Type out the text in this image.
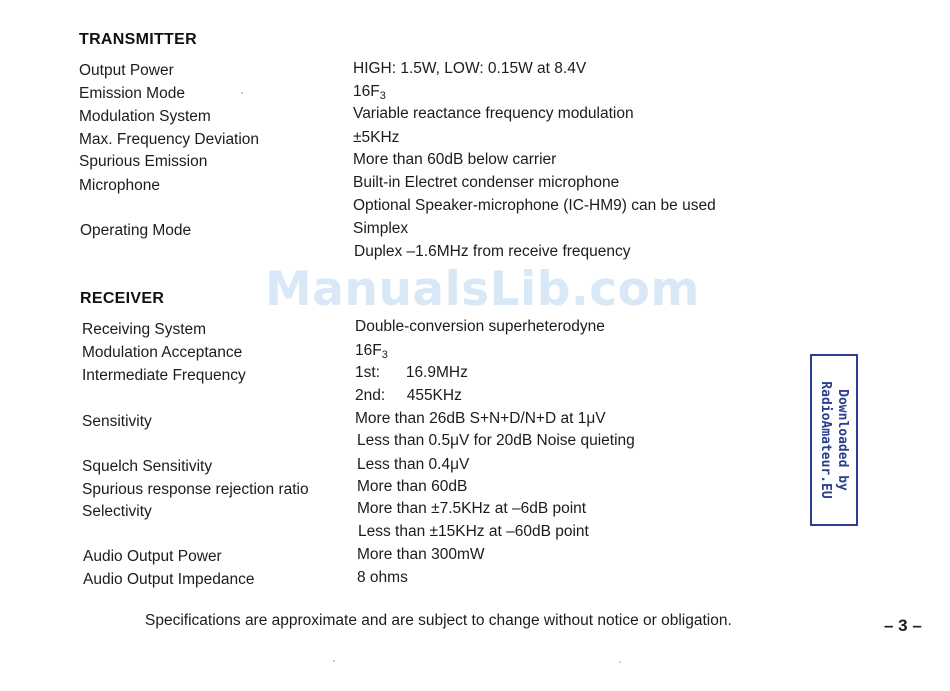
ManualsLib.com
TRANSMITTER
Output Power	HIGH: 1.5W, LOW: 0.15W at 8.4V
Emission Mode	$16F_3$
Modulation System	Variable reactance frequency modulation
Max. Frequency Deviation	±5KHz
Spurious Emission	More than 60dB below carrier
Microphone	Built-in Electret condenser microphone
Optional Speaker-microphone (IC-HM9) can be used
Operating Mode	Simplex
Duplex –1.6MHz from receive frequency
RECEIVER
Receiving System	Double-conversion superheterodyne
Modulation Acceptance	$16F_3$
Intermediate Frequency	1st:      16.9MHz
2nd:     455KHz
Sensitivity	More than 26dB S+N+D/N+D at 1μV
Less than 0.5μV for 20dB Noise quieting
Squelch Sensitivity	Less than 0.4μV
Spurious response rejection ratio	More than 60dB
Selectivity	More than ±7.5KHz at –6dB point
Less than ±15KHz at –60dB point
Audio Output Power	More than 300mW
Audio Output Impedance	8 ohms
Downloaded by
RadioAmateur.EU
Specifications are approximate and are subject to change without notice or obligation.	– 3 –
